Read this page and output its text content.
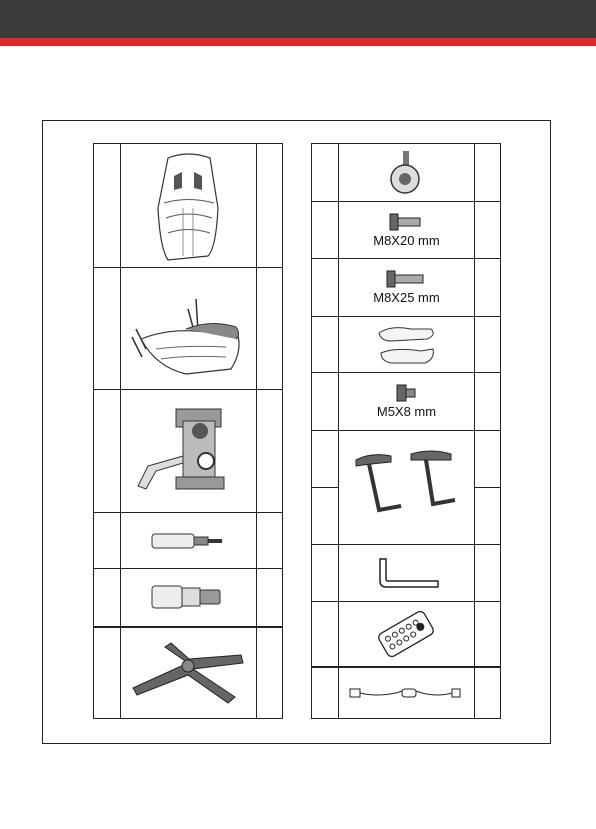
	M8X20 mm	

	M8X25 mm	

	M5X8 mm	
